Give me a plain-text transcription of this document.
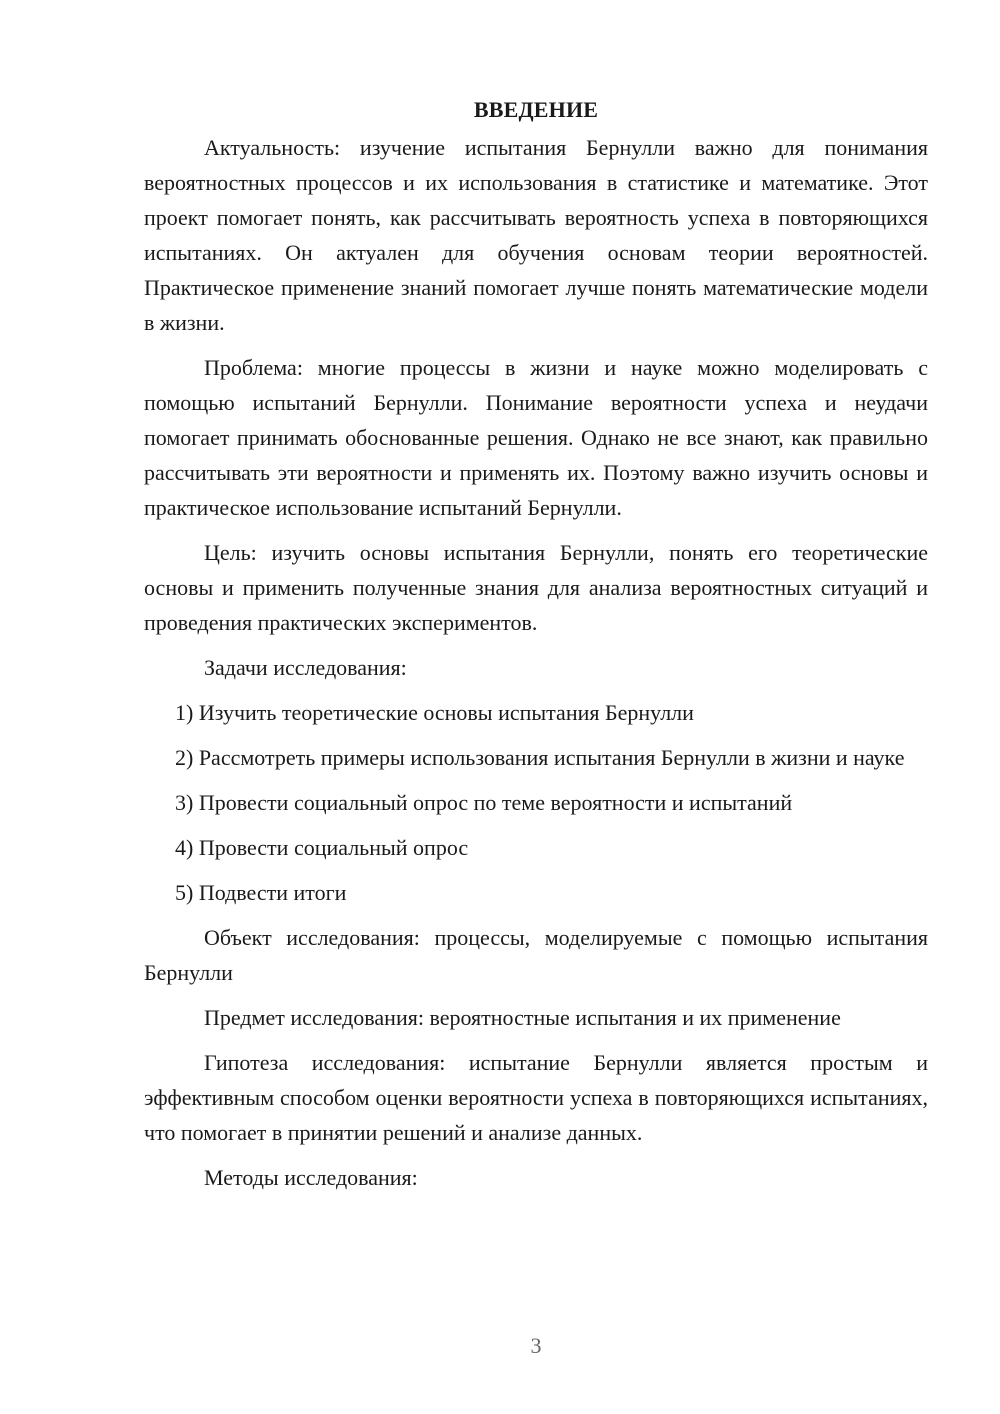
ВВЕДЕНИЕ

Актуальность: изучение испытания Бернулли важно для понимания вероятностных процессов и их использования в статистике и математике. Этот проект помогает понять, как рассчитывать вероятность успеха в повторяющихся испытаниях. Он актуален для обучения основам теории вероятностей. Практическое применение знаний помогает лучше понять математические модели в жизни.

Проблема: многие процессы в жизни и науке можно моделировать с помощью испытаний Бернулли. Понимание вероятности успеха и неудачи помогает принимать обоснованные решения. Однако не все знают, как правильно рассчитывать эти вероятности и применять их. Поэтому важно изучить основы и практическое использование испытаний Бернулли.

Цель: изучить основы испытания Бернулли, понять его теоретические основы и применить полученные знания для анализа вероятностных ситуаций и проведения практических экспериментов.

Задачи исследования:

1) Изучить теоретические основы испытания Бернулли

2) Рассмотреть примеры использования испытания Бернулли в жизни и науке

3) Провести социальный опрос по теме вероятности и испытаний

4) Провести социальный опрос

5) Подвести итоги

Объект исследования: процессы, моделируемые с помощью испытания Бернулли

Предмет исследования: вероятностные испытания и их применение

Гипотеза исследования: испытание Бернулли является простым и эффективным способом оценки вероятности успеха в повторяющихся испытаниях, что помогает в принятии решений и анализе данных.

Методы исследования:

3
